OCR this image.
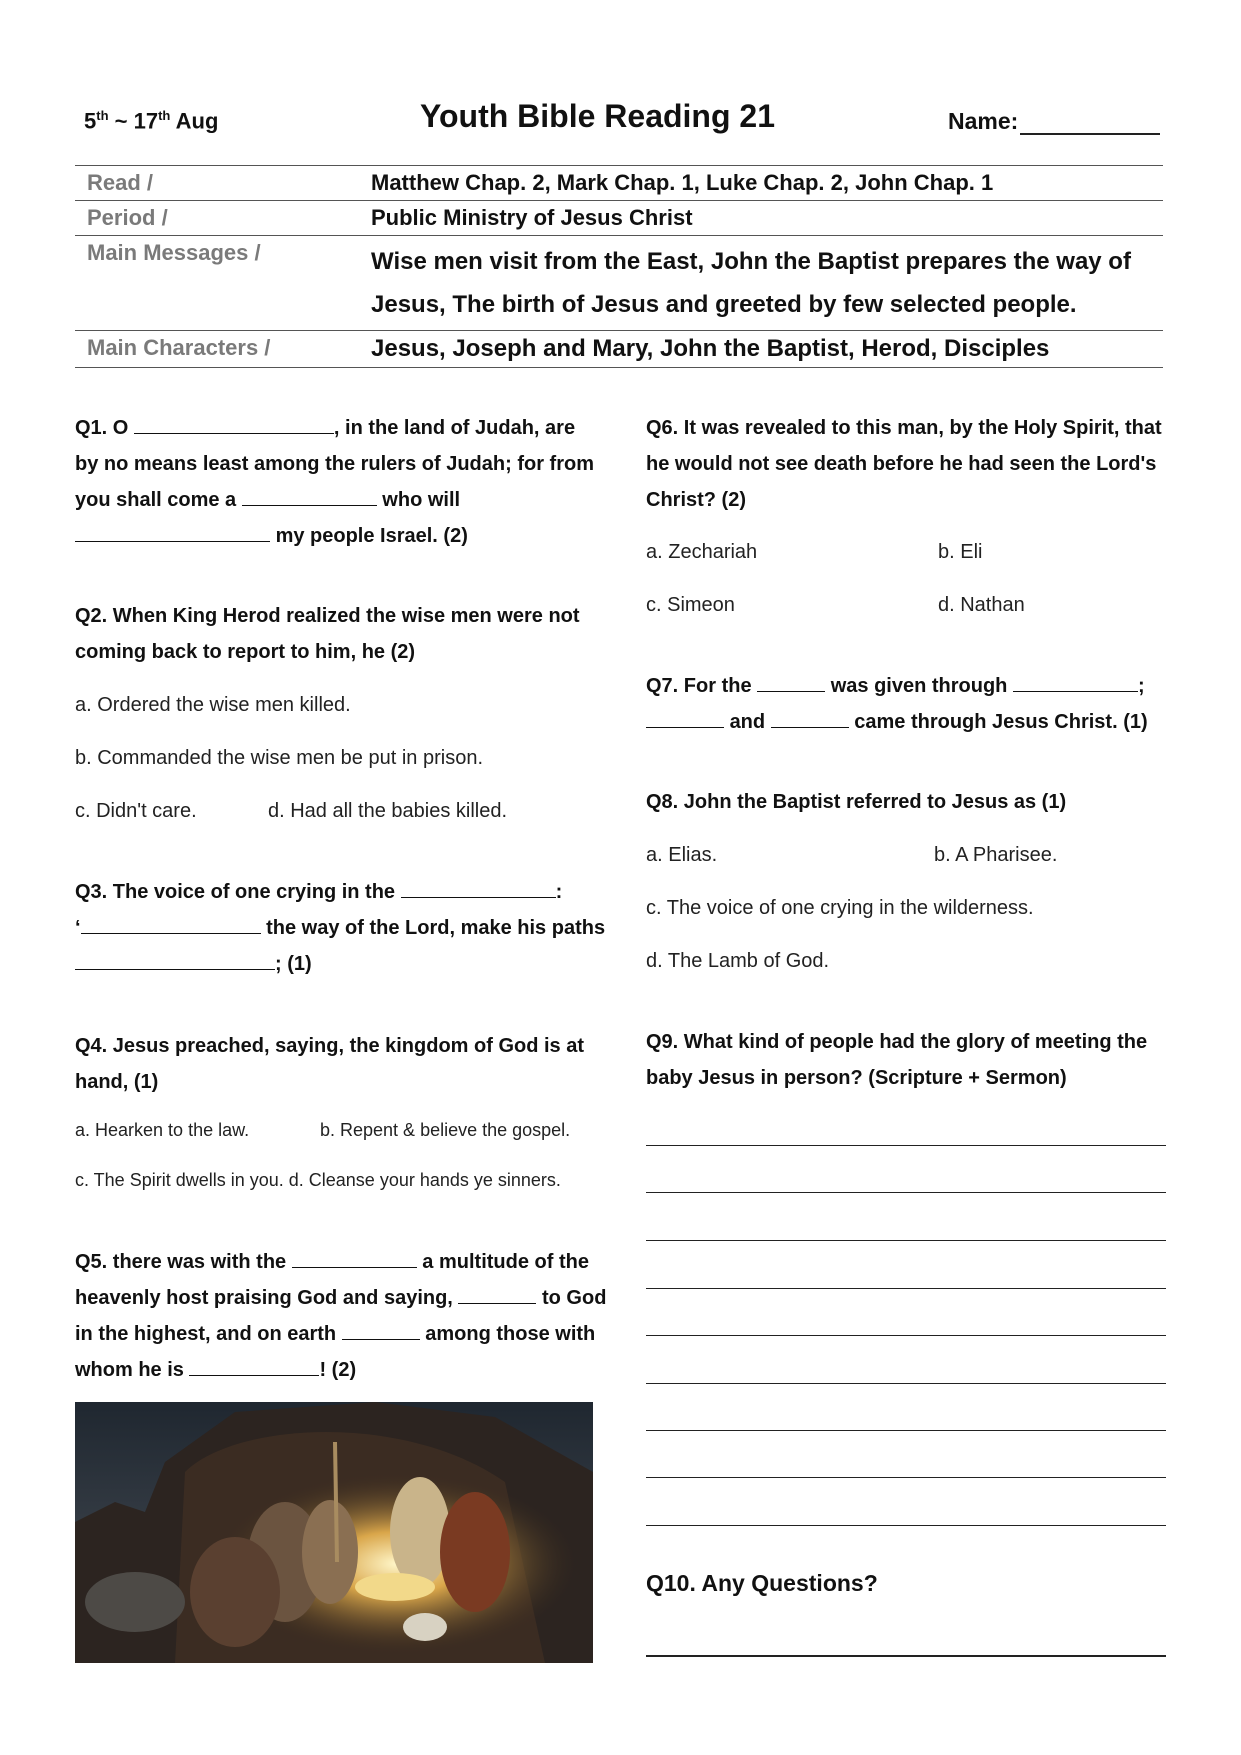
5th ~ 17th Aug	Youth Bible Reading 21	Name:
Read /	Matthew Chap. 2, Mark Chap. 1, Luke Chap. 2, John Chap. 1
Period /	Public Ministry of Jesus Christ
Main Messages /	Wise men visit from the East, John the Baptist prepares the way of Jesus, The birth of Jesus and greeted by few selected people.
Main Characters /	Jesus, Joseph and Mary, John the Baptist, Herod, Disciples
Q1. O	, in the land of Judah, are by no means least among the rulers of Judah; for from you shall come a	who will
my people Israel. (2)
Q2. When King Herod realized the wise men were not coming back to report to him, he (2)
a. Ordered the wise men killed.
b. Commanded the wise men be put in prison.
c. Didn't care.	d. Had all the babies killed.
Q3. The voice of one crying in the	:
‘	the way of the Lord, make his paths ; (1)
Q4. Jesus preached, saying, the kingdom of God is at hand, (1)
a. Hearken to the law.	b. Repent & believe the gospel.
c. The Spirit dwells in you. d. Cleanse your hands ye sinners.
Q5. there was with the	a multitude of the heavenly host praising God and saying,	to God in the highest, and on earth	among those with whom he is	! (2)
Q6. It was revealed to this man, by the Holy Spirit, that he would not see death before he had seen the Lord's Christ? (2)
a. Zechariah	b. Eli
c. Simeon	d. Nathan
Q7. For the	was given through	;
and	came through Jesus Christ. (1)
Q8. John the Baptist referred to Jesus as (1)
a. Elias.	b. A Pharisee.
c. The voice of one crying in the wilderness.
d. The Lamb of God.
Q9. What kind of people had the glory of meeting the baby Jesus in person? (Scripture + Sermon)
Q10. Any Questions?
